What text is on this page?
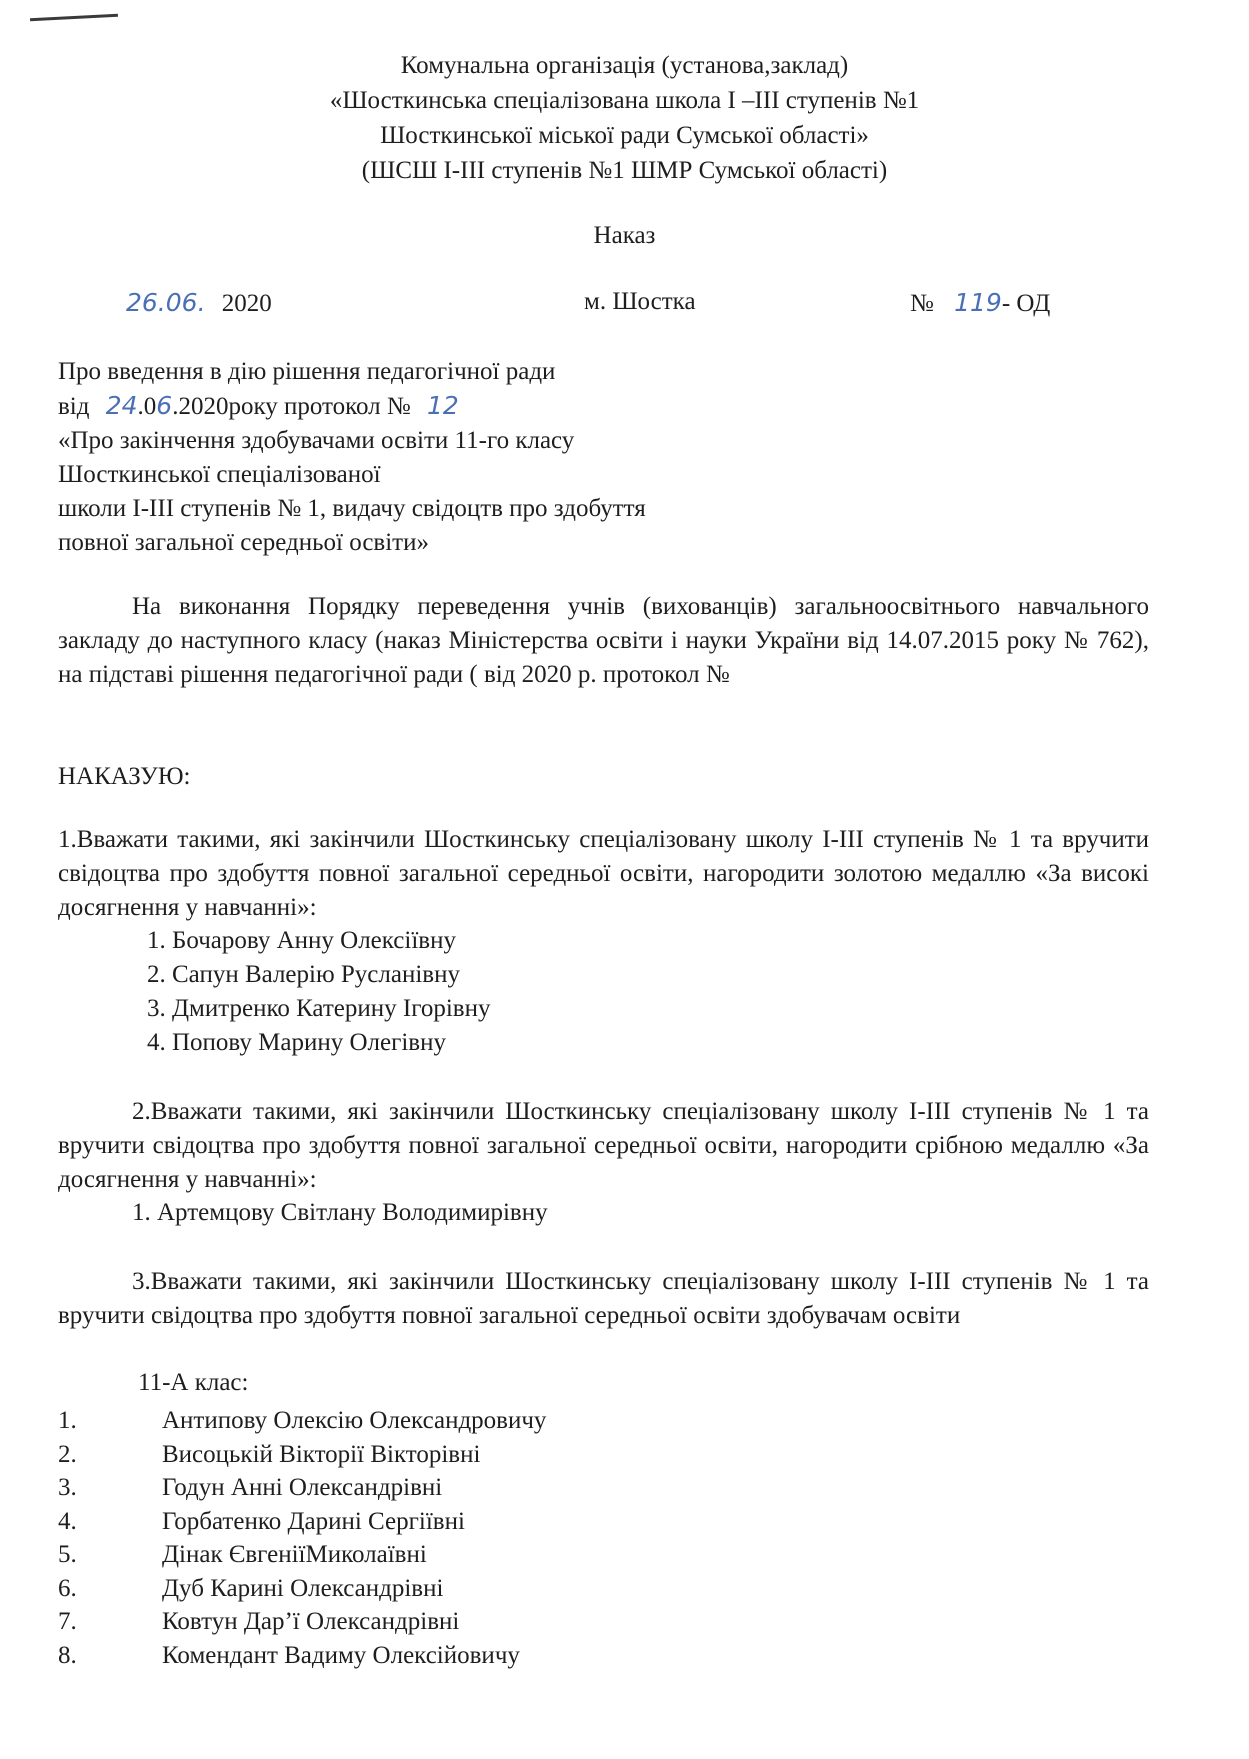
Комунальна організація (установа,заклад)
«Шосткинська спеціалізована школа І –ІІІ ступенів №1
Шосткинської міської ради Сумської області»
(ШСШ І-ІІІ ступенів №1 ШМР Сумської області)
Наказ
26.06. 2020	м. Шостка	№ 119- ОД
Про введення в дію рішення педагогічної ради
від 24.06.2020року протокол № 12
«Про закінчення здобувачами освіти 11-го класу
Шосткинської спеціалізованої
школи І-ІІІ ступенів № 1, видачу свідоцтв про здобуття
повної загальної середньої освіти»
На виконання Порядку переведення учнів (вихованців) загальноосвітнього навчального закладу до наступного класу (наказ Міністерства освіти і науки України від 14.07.2015 року № 762), на підставі рішення педагогічної ради ( від 2020 р. протокол №
НАКАЗУЮ:
1.Вважати такими, які закінчили Шосткинську спеціалізовану школу І-ІІІ ступенів № 1 та вручити свідоцтва про здобуття повної загальної середньої освіти, нагородити золотою медаллю «За високі досягнення у навчанні»:
1. Бочарову Анну Олексіївну
2. Сапун Валерію Русланівну
3. Дмитренко Катерину Ігорівну
4. Попову Марину Олегівну
2.Вважати такими, які закінчили Шосткинську спеціалізовану школу І-ІІІ ступенів № 1 та вручити свідоцтва про здобуття повної загальної середньої освіти, нагородити срібною медаллю «За досягнення у навчанні»:
1. Артемцову Світлану Володимирівну
3.Вважати такими, які закінчили Шосткинську спеціалізовану школу І-ІІІ ступенів № 1 та вручити свідоцтва про здобуття повної загальної середньої освіти здобувачам освіти
11-А клас:
1.	Антипову Олексію Олександровичу
2.	Висоцькій Вікторії Вікторівні
3.	Годун Анні Олександрівні
4.	Горбатенко Дарині Сергіївні
5.	Дінак ЄвгеніїМиколаївні
6.	Дуб Карині Олександрівні
7.	Ковтун Дар’ї Олександрівні
8.	Комендант Вадиму Олексійовичу
